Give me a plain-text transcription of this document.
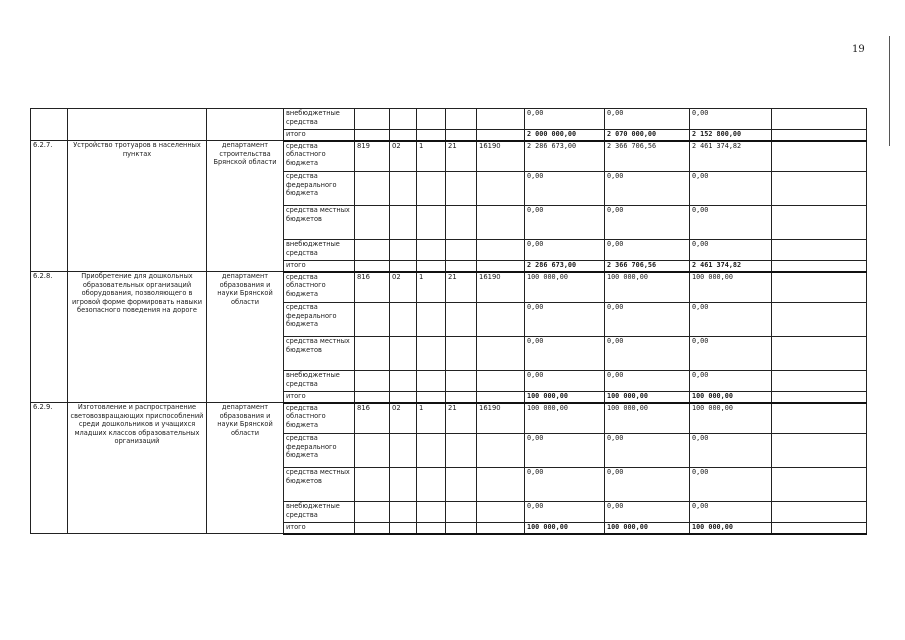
19
			внебюджетные средства						0,00	0,00	0,00	
			итого						2 000 000,00	2 070 000,00	2 152 800,00	
6.2.7.	Устройство тротуаров в населенных пунктах	департамент строительства Брянской области	средства областного бюджета	819	02	1	21	16190	2 286 673,00	2 366 706,56	2 461 374,82	
			средства федерального бюджета						0,00	0,00	0,00	
			средства местных бюджетов						0,00	0,00	0,00	
			внебюджетные средства						0,00	0,00	0,00	
			итого						2 286 673,00	2 366 706,56	2 461 374,82	
6.2.8.	Приобретение для дошкольных образовательных организаций оборудования, позволяющего в игровой форме формировать навыки безопасного поведения на дороге	департамент образования и науки Брянской области	средства областного бюджета	816	02	1	21	16190	100 000,00	100 000,00	100 000,00	
			средства федерального бюджета						0,00	0,00	0,00	
			средства местных бюджетов						0,00	0,00	0,00	
			внебюджетные средства						0,00	0,00	0,00	
			итого						100 000,00	100 000,00	100 000,00	
6.2.9.	Изготовление и распространение световозвращающих приспособлений среди дошкольников и учащихся младших классов образовательных организаций	департамент образования и науки Брянской области	средства областного бюджета	816	02	1	21	16190	100 000,00	100 000,00	100 000,00	
			средства федерального бюджета						0,00	0,00	0,00	
			средства местных бюджетов						0,00	0,00	0,00	
			внебюджетные средства						0,00	0,00	0,00	
			итого						100 000,00	100 000,00	100 000,00	
